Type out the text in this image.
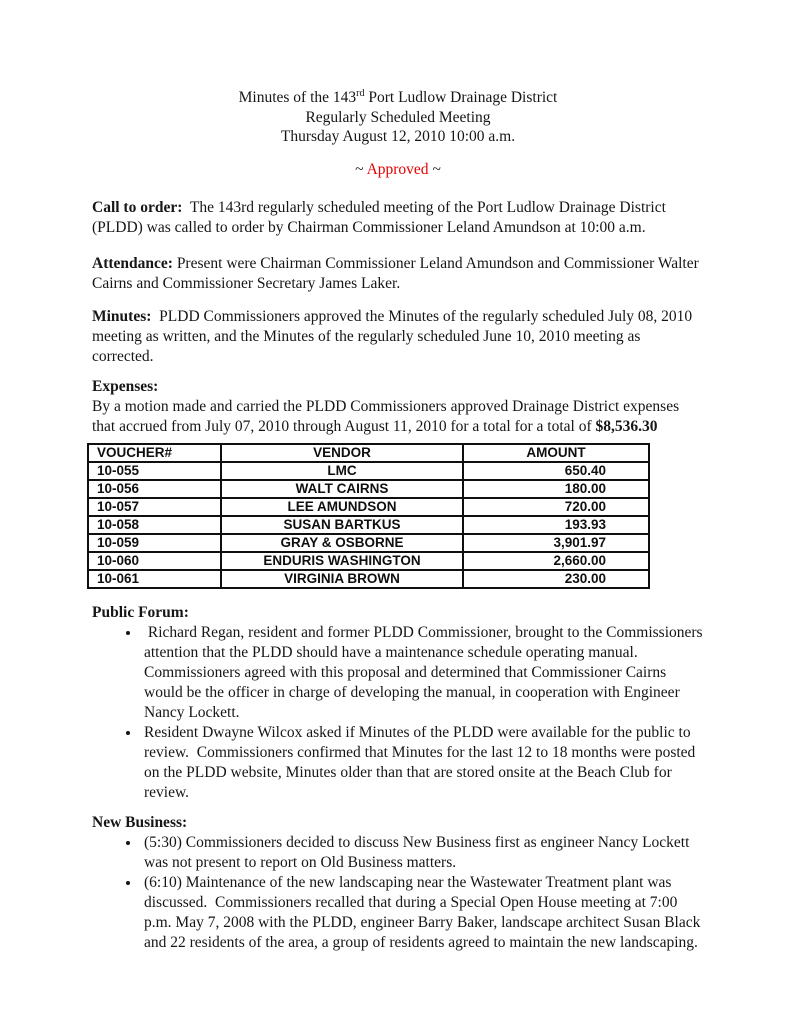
Minutes of the 143rd Port Ludlow Drainage District
Regularly Scheduled Meeting
Thursday August 12, 2010 10:00 a.m.
~ Approved ~

Call to order:  The 143rd regularly scheduled meeting of the Port Ludlow Drainage District (PLDD) was called to order by Chairman Commissioner Leland Amundson at 10:00 a.m.

Attendance: Present were Chairman Commissioner Leland Amundson and Commissioner Walter Cairns and Commissioner Secretary James Laker.

Minutes:  PLDD Commissioners approved the Minutes of the regularly scheduled July 08, 2010 meeting as written, and the Minutes of the regularly scheduled June 10, 2010 meeting as corrected.

Expenses:
By a motion made and carried the PLDD Commissioners approved Drainage District expenses that accrued from July 07, 2010 through August 11, 2010 for a total for a total of $8,536.30
VOUCHER#	VENDOR	AMOUNT
10-055	LMC	650.40
10-056	WALT CAIRNS	180.00
10-057	LEE AMUNDSON	720.00
10-058	SUSAN BARTKUS	193.93
10-059	GRAY & OSBORNE	3,901.97
10-060	ENDURIS WASHINGTON	2,660.00
10-061	VIRGINIA BROWN	230.00
Public Forum:
•  Richard Regan, resident and former PLDD Commissioner, brought to the Commissioners attention that the PLDD should have a maintenance schedule operating manual.  Commissioners agreed with this proposal and determined that Commissioner Cairns would be the officer in charge of developing the manual, in cooperation with Engineer Nancy Lockett.
• Resident Dwayne Wilcox asked if Minutes of the PLDD were available for the public to review.  Commissioners confirmed that Minutes for the last 12 to 18 months were posted on the PLDD website, Minutes older than that are stored onsite at the Beach Club for review.
New Business:
• (5:30) Commissioners decided to discuss New Business first as engineer Nancy Lockett was not present to report on Old Business matters.
• (6:10) Maintenance of the new landscaping near the Wastewater Treatment plant was discussed.  Commissioners recalled that during a Special Open House meeting at 7:00 p.m. May 7, 2008 with the PLDD, engineer Barry Baker, landscape architect Susan Black and 22 residents of the area, a group of residents agreed to maintain the new landscaping.
